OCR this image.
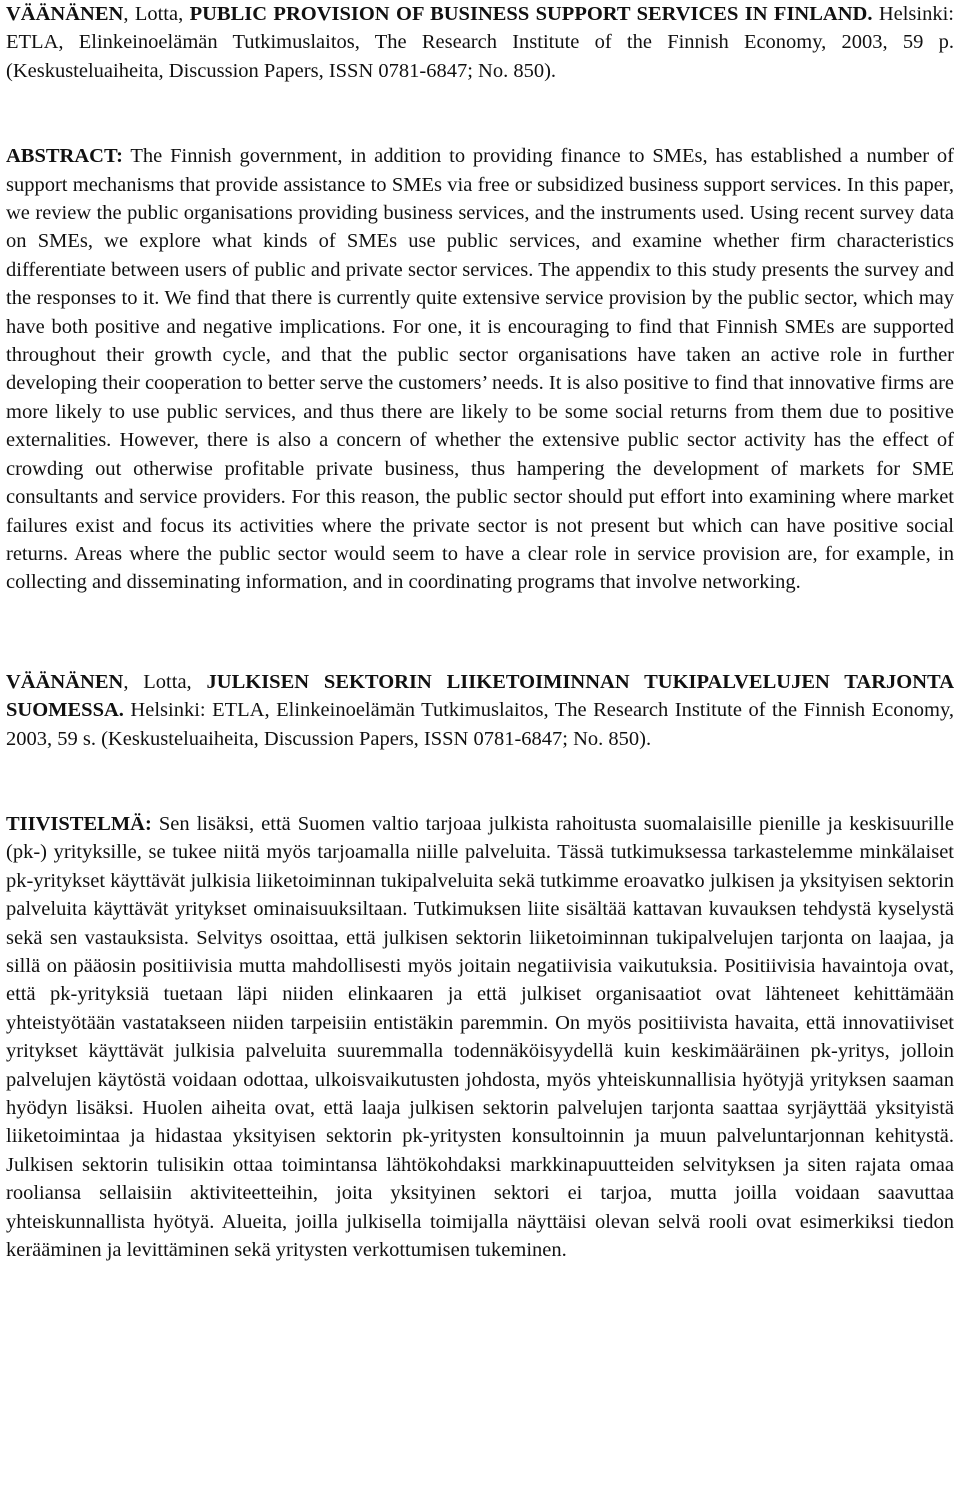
VÄÄNÄNEN, Lotta, PUBLIC PROVISION OF BUSINESS SUPPORT SERVICES IN FINLAND. Helsinki: ETLA, Elinkeinoelämän Tutkimuslaitos, The Research Institute of the Finnish Economy, 2003, 59 p. (Keskusteluaiheita, Discussion Papers, ISSN 0781-6847; No. 850).

ABSTRACT: The Finnish government, in addition to providing finance to SMEs, has established a number of support mechanisms that provide assistance to SMEs via free or subsidized business support services. In this paper, we review the public organisations providing business services, and the instruments used. Using recent survey data on SMEs, we explore what kinds of SMEs use public services, and examine whether firm characteristics differentiate between users of public and private sector services. The appendix to this study presents the survey and the responses to it. We find that there is currently quite extensive service provision by the public sector, which may have both positive and negative implications. For one, it is encouraging to find that Finnish SMEs are supported throughout their growth cycle, and that the public sector organisations have taken an active role in further developing their cooperation to better serve the customers’ needs. It is also positive to find that innovative firms are more likely to use public services, and thus there are likely to be some social returns from them due to positive externalities. However, there is also a concern of whether the extensive public sector activity has the effect of crowding out otherwise profitable private business, thus hampering the development of markets for SME consultants and service providers. For this reason, the public sector should put effort into examining where market failures exist and focus its activities where the private sector is not present but which can have positive social returns. Areas where the public sector would seem to have a clear role in service provision are, for example, in collecting and disseminating information, and in coordinating programs that involve networking.

VÄÄNÄNEN, Lotta, JULKISEN SEKTORIN LIIKETOIMINNAN TUKIPALVELUJEN TARJONTA SUOMESSA. Helsinki: ETLA, Elinkeinoelämän Tutkimuslaitos, The Research Institute of the Finnish Economy, 2003, 59 s. (Keskusteluaiheita, Discussion Papers, ISSN 0781-6847; No. 850).

TIIVISTELMÄ: Sen lisäksi, että Suomen valtio tarjoaa julkista rahoitusta suomalaisille pienille ja keskisuurille (pk-) yrityksille, se tukee niitä myös tarjoamalla niille palveluita. Tässä tutkimuksessa tarkastelemme minkälaiset pk-yritykset käyttävät julkisia liiketoiminnan tukipalveluita sekä tutkimme eroavatko julkisen ja yksityisen sektorin palveluita käyttävät yritykset ominaisuuksiltaan. Tutkimuksen liite sisältää kattavan kuvauksen tehdystä kyselystä sekä sen vastauksista. Selvitys osoittaa, että julkisen sektorin liiketoiminnan tukipalvelujen tarjonta on laajaa, ja sillä on pääosin positiivisia mutta mahdollisesti myös joitain negatiivisia vaikutuksia. Positiivisia havaintoja ovat, että pk-yrityksiä tuetaan läpi niiden elinkaaren ja että julkiset organisaatiot ovat lähteneet kehittämään yhteistyötään vastatakseen niiden tarpeisiin entistäkin paremmin. On myös positiivista havaita, että innovatiiviset yritykset käyttävät julkisia palveluita suuremmalla todennäköisyydellä kuin keskimääräinen pk-yritys, jolloin palvelujen käytöstä voidaan odottaa, ulkoisvaikutusten johdosta, myös yhteiskunnallisia hyötyjä yrityksen saaman hyödyn lisäksi. Huolen aiheita ovat, että laaja julkisen sektorin palvelujen tarjonta saattaa syrjäyttää yksityistä liiketoimintaa ja hidastaa yksityisen sektorin pk-yritysten konsultoinnin ja muun palveluntarjonnan kehitystä. Julkisen sektorin tulisikin ottaa toimintansa lähtökohdaksi markkinapuutteiden selvityksen ja siten rajata omaa rooliansa sellaisiin aktiviteetteihin, joita yksityinen sektori ei tarjoa, mutta joilla voidaan saavuttaa yhteiskunnallista hyötyä. Alueita, joilla julkisella toimijalla näyttäisi olevan selvä rooli ovat esimerkiksi tiedon kerääminen ja levittäminen sekä yritysten verkottumisen tukeminen.
